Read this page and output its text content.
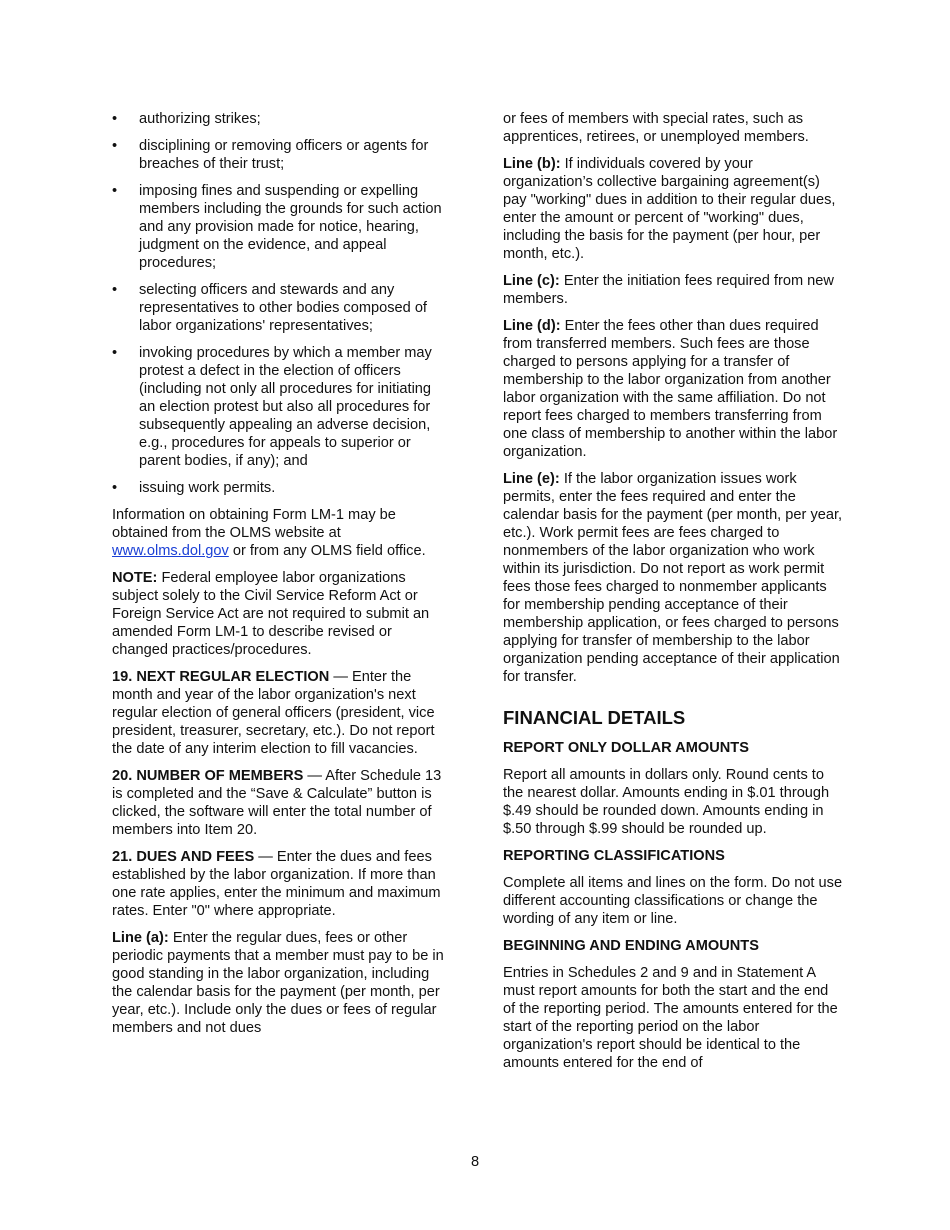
• authorizing strikes;
• disciplining or removing officers or agents for breaches of their trust;
• imposing fines and suspending or expelling members including the grounds for such action and any provision made for notice, hearing, judgment on the evidence, and appeal procedures;
• selecting officers and stewards and any representatives to other bodies composed of labor organizations' representatives;
• invoking procedures by which a member may protest a defect in the election of officers (including not only all procedures for initiating an election protest but also all procedures for subsequently appealing an adverse decision, e.g., procedures for appeals to superior or parent bodies, if any); and
• issuing work permits.

Information on obtaining Form LM-1 may be obtained from the OLMS website at www.olms.dol.gov or from any OLMS field office.

NOTE: Federal employee labor organizations subject solely to the Civil Service Reform Act or Foreign Service Act are not required to submit an amended Form LM-1 to describe revised or changed practices/procedures.

19. NEXT REGULAR ELECTION — Enter the month and year of the labor organization's next regular election of general officers (president, vice president, treasurer, secretary, etc.). Do not report the date of any interim election to fill vacancies.

20. NUMBER OF MEMBERS — After Schedule 13 is completed and the “Save & Calculate” button is clicked, the software will enter the total number of members into Item 20.

21. DUES AND FEES — Enter the dues and fees established by the labor organization. If more than one rate applies, enter the minimum and maximum rates. Enter "0" where appropriate.

Line (a): Enter the regular dues, fees or other periodic payments that a member must pay to be in good standing in the labor organization, including the calendar basis for the payment (per month, per year, etc.). Include only the dues or fees of regular members and not dues

or fees of members with special rates, such as apprentices, retirees, or unemployed members.

Line (b): If individuals covered by your organization’s collective bargaining agreement(s) pay "working" dues in addition to their regular dues, enter the amount or percent of "working" dues, including the basis for the payment (per hour, per month, etc.).

Line (c): Enter the initiation fees required from new members.

Line (d): Enter the fees other than dues required from transferred members. Such fees are those charged to persons applying for a transfer of membership to the labor organization from another labor organization with the same affiliation. Do not report fees charged to members transferring from one class of membership to another within the labor organization.

Line (e): If the labor organization issues work permits, enter the fees required and enter the calendar basis for the payment (per month, per year, etc.). Work permit fees are fees charged to nonmembers of the labor organization who work within its jurisdiction. Do not report as work permit fees those fees charged to nonmember applicants for membership pending acceptance of their membership application, or fees charged to persons applying for transfer of membership to the labor organization pending acceptance of their application for transfer.

FINANCIAL DETAILS
REPORT ONLY DOLLAR AMOUNTS

Report all amounts in dollars only. Round cents to the nearest dollar. Amounts ending in $.01 through $.49 should be rounded down. Amounts ending in $.50 through $.99 should be rounded up.

REPORTING CLASSIFICATIONS

Complete all items and lines on the form. Do not use different accounting classifications or change the wording of any item or line.

BEGINNING AND ENDING AMOUNTS

Entries in Schedules 2 and 9 and in Statement A must report amounts for both the start and the end of the reporting period. The amounts entered for the start of the reporting period on the labor organization's report should be identical to the amounts entered for the end of

8
